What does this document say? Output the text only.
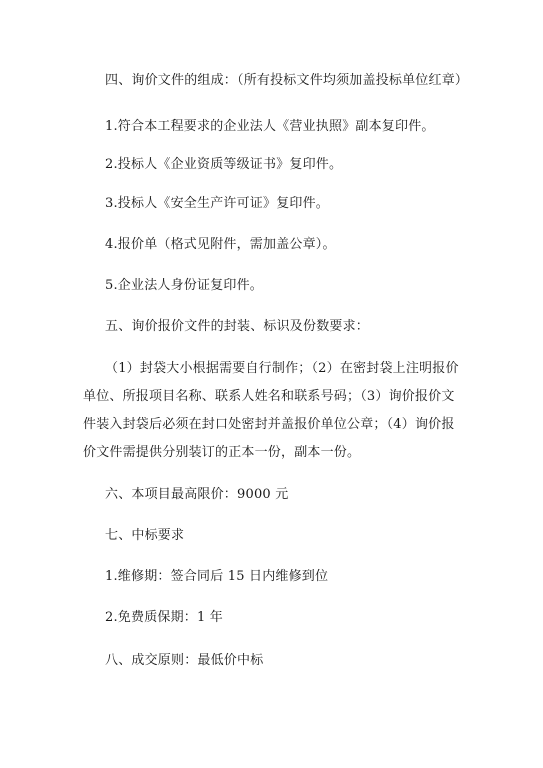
四、询价文件的组成：（所有投标文件均须加盖投标单位红章）
1.符合本工程要求的企业法人《营业执照》副本复印件。
2.投标人《企业资质等级证书》复印件。
3.投标人《安全生产许可证》复印件。
4.报价单（格式见附件，需加盖公章）。
5.企业法人身份证复印件。
五、询价报价文件的封装、标识及份数要求：
（1）封袋大小根据需要自行制作；（2）在密封袋上注明报价单位、所报项目名称、联系人姓名和联系号码；（3）询价报价文件装入封袋后必须在封口处密封并盖报价单位公章；（4）询价报价文件需提供分别装订的正本一份，副本一份。
六、本项目最高限价：9000 元
七、中标要求
1.维修期：签合同后 15 日内维修到位
2.免费质保期：1 年
八、成交原则：最低价中标
